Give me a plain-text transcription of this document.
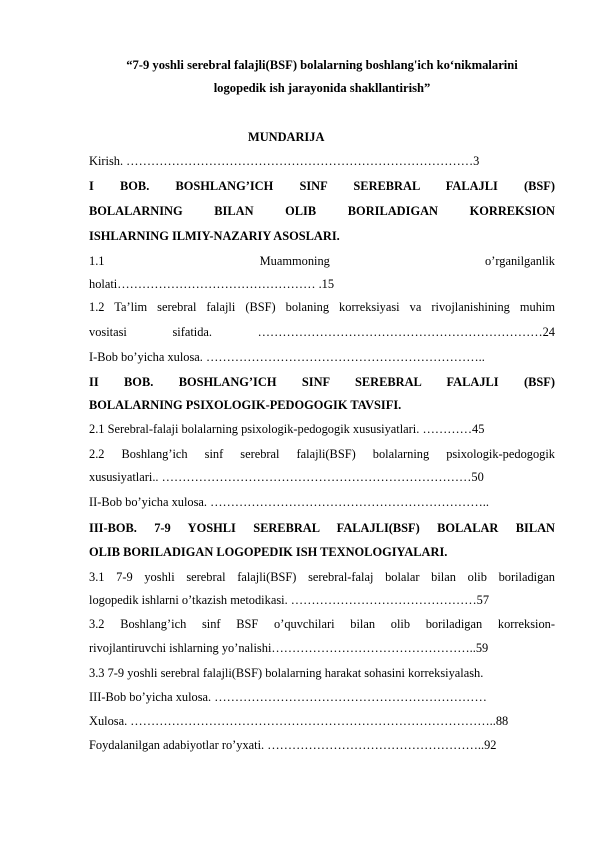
“7-9 yoshli serebral falajli(BSF) bolalarning boshlang'ich ko‘nikmalarini
logopedik ish jarayonida shakllantirish”
MUNDARIJA
Kirish. …………………………………………………………………………3
I BOB. BOSHLANG’ICH SINF SEREBRAL FALAJLI (BSF)
BOLALARNING BILAN OLIB BORILADIGAN KORREKSION
ISHLARNING ILMIY-NAZARIY ASOSLARI.
1.1 Muammoning o’rganilganlik
holati………………………………………… .15
1.2 Ta’lim serebral falajli (BSF) bolaning korreksiyasi va rivojlanishining muhim
vositasi sifatida. ……………………………………………………………24
I-Bob bo’yicha xulosa. …………………………………………………………..
II BOB. BOSHLANG’ICH SINF SEREBRAL FALAJLI (BSF)
BOLALARNING PSIXOLOGIK-PEDOGOGIK TAVSIFI.
2.1 Serebral-falaji bolalarning psixologik-pedogogik xususiyatlari. …………45
2.2 Boshlang’ich sinf serebral falajli(BSF) bolalarning psixologik-pedogogik
xususiyatlari.. …………………………………………………………………50
II-Bob bo’yicha xulosa. …………………………………………………………..
III-BOB. 7-9 YOSHLI SEREBRAL FALAJLI(BSF) BOLALAR BILAN
OLIB BORILADIGAN LOGOPEDIK ISH TEXNOLOGIYALARI.
3.1 7-9 yoshli serebral falajli(BSF) serebral-falaj bolalar bilan olib boriladigan
logopedik ishlarni o’tkazish metodikasi. ………………………………………57
3.2 Boshlang’ich sinf BSF o’quvchilari bilan olib boriladigan korreksion-
rivojlantiruvchi ishlarning yo’nalishi…………………………………………..59
3.3 7-9 yoshli serebral falajli(BSF) bolalarning harakat sohasini korreksiyalash.
III-Bob bo’yicha xulosa. …………………………………………………………
Xulosa. ……………………………………………………………………………..88
Foydalanilgan adabiyotlar ro’yxati. ……………………………………………..92
